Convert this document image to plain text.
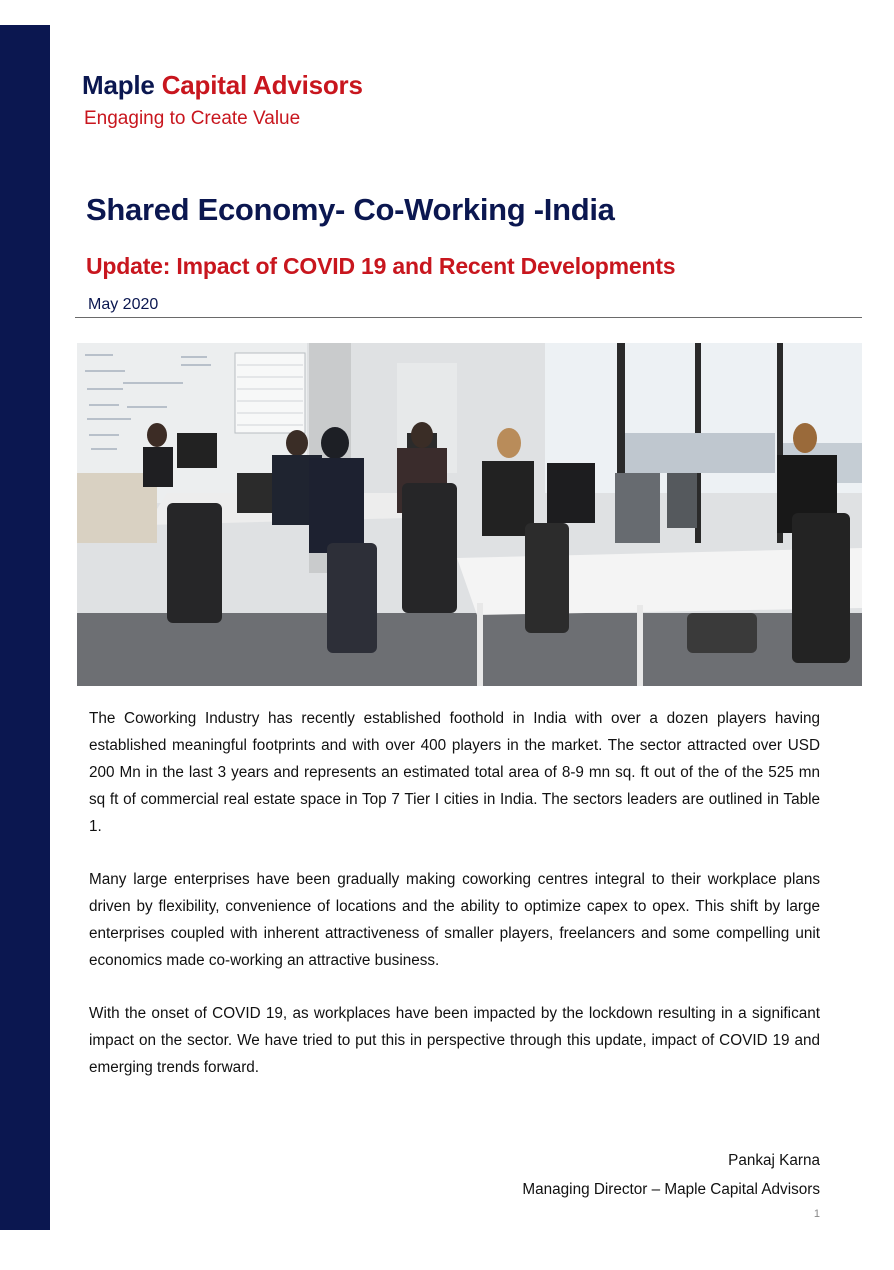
Maple Capital Advisors
Engaging to Create Value
Shared Economy- Co-Working -India
Update: Impact of COVID 19 and Recent Developments
May 2020

The Coworking Industry has recently established foothold in India with over a dozen players having established meaningful footprints and with over 400 players in the market. The sector attracted over USD 200 Mn in the last 3 years and represents an estimated total area of 8-9 mn sq. ft out of the of the 525 mn sq ft of commercial real estate space in Top 7 Tier I cities in India. The sectors leaders are outlined in Table 1.

Many large enterprises have been gradually making coworking centres integral to their workplace plans driven by flexibility, convenience of locations and the ability to optimize capex to opex. This shift by large enterprises coupled with inherent attractiveness of smaller players, freelancers and some compelling unit economics made co-working an attractive business.

With the onset of COVID 19, as workplaces have been impacted by the lockdown resulting in a significant impact on the sector. We have tried to put this in perspective through this update, impact of COVID 19 and emerging trends forward.

Pankaj Karna
Managing Director – Maple Capital Advisors
1
